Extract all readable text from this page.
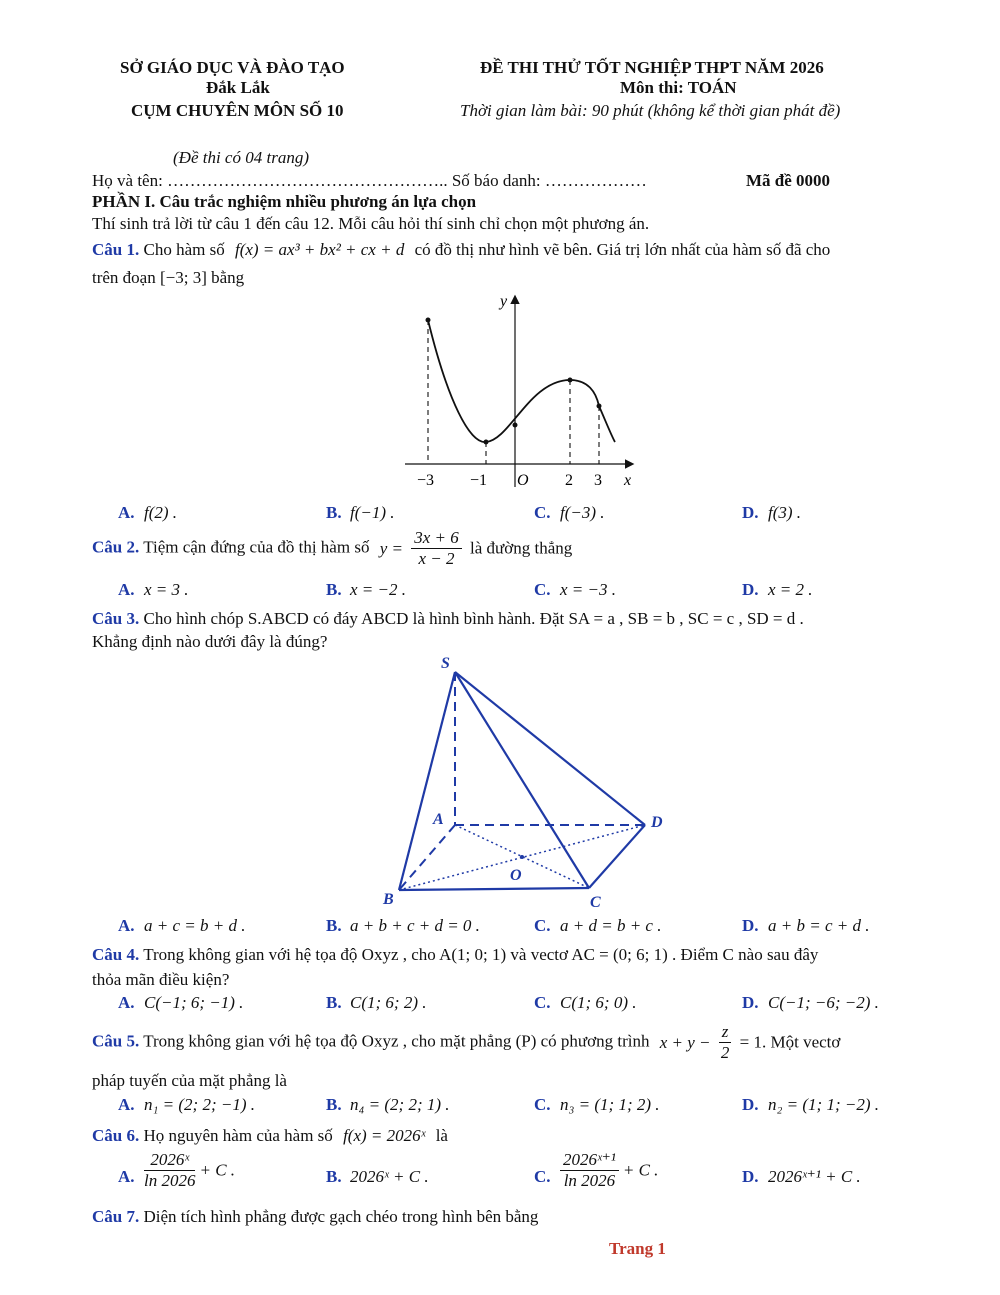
SỞ GIÁO DỤC VÀ ĐÀO TẠO
Đắk Lắk
CỤM CHUYÊN MÔN SỐ 10
ĐỀ THI THỬ TỐT NGHIỆP THPT NĂM 2026
Môn thi: TOÁN
Thời gian làm bài: 90 phút (không kể thời gian phát đề)
(Đề thi có 04 trang)
Họ và tên: ………………………………………….. Số báo danh: ………………	Mã đề 0000
PHẦN I. Câu trắc nghiệm nhiều phương án lựa chọn
Thí sinh trả lời từ câu 1 đến câu 12. Mỗi câu hỏi thí sinh chỉ chọn một phương án.
Câu 1. Cho hàm số f(x) = ax³ + bx² + cx + d có đồ thị như hình vẽ bên. Giá trị lớn nhất của hàm số đã cho
trên đoạn [−3; 3] bằng
y
x
O
−3 −1	2 3
A. f(2) .	B. f(−1) .	C. f(−3) .	D. f(3) .
Câu 2. Tiệm cận đứng của đồ thị hàm số $y = \frac{3x + 6}{x - 2}$ là đường thẳng
A. x = 3 .	B. x = −2 .	C. x = −3 .	D. x = 2 .
Câu 3. Cho hình chóp S.ABCD có đáy ABCD là hình bình hành. Đặt SA = a , SB = b , SC = c , SD = d .
Khẳng định nào dưới đây là đúng?
S
A
B	C
D
O
A. a + c = b + d .	B. a + b + c + d = 0 .	C. a + d = b + c .	D. a + b = c + d .
Câu 4. Trong không gian với hệ tọa độ Oxyz , cho A(1; 0; 1) và vectơ AC = (0; 6; 1) . Điểm C nào sau đây
thỏa mãn điều kiện?
A. C(−1; 6; −1) .	B. C(1; 6; 2) .	C. C(1; 6; 0) .	D. C(−1; −6; −2) .
Câu 5. Trong không gian với hệ tọa độ Oxyz , cho mặt phẳng (P) có phương trình $x + y - \frac{z}{2} = 1$. Một vectơ
pháp tuyến của mặt phẳng là
A. n₁ = (2; 2; −1) .	B. n₄ = (2; 2; 1) .	C. n₃ = (1; 1; 2) .	D. n₂ = (1; 1; −2) .
Câu 6. Họ nguyên hàm của hàm số f(x) = 2026ˣ là
A. $\frac{\text{2026ˣ}}{\ln 2026} + C$ .	B. 2026ˣ + C .	C. $\frac{\text{2026ˣ⁺¹}}{\ln 2026} + C$ .	D. 2026ˣ⁺¹ + C .
Câu 7. Diện tích hình phẳng được gạch chéo trong hình bên bằng
Trang 1
